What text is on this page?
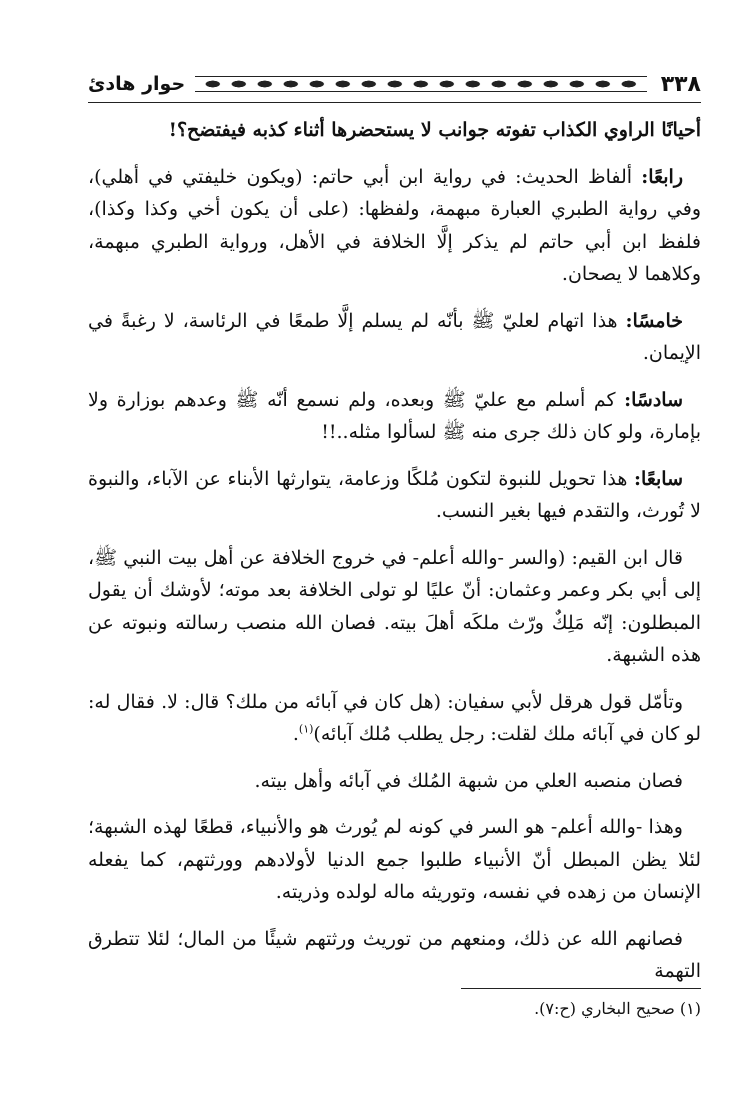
٣٣٨
حوار هادئ

أحيانًا الراوي الكذاب تفوته جوانب لا يستحضرها أثناء كذبه فيفتضح؟!

رابعًا: ألفاظ الحديث: في رواية ابن أبي حاتم: (ويكون خليفتي في أهلي)، وفي رواية الطبري العبارة مبهمة، ولفظها: (على أن يكون أخي وكذا وكذا)، فلفظ ابن أبي حاتم لم يذكر إلَّا الخلافة في الأهل، ورواية الطبري مبهمة، وكلاهما لا يصحان.

خامسًا: هذا اتهام لعليّ ﷺ بأنّه لم يسلم إلَّا طمعًا في الرئاسة، لا رغبةً في الإيمان.

سادسًا: كم أسلم مع عليّ ﷺ وبعده، ولم نسمع أنّه ﷺ وعدهم بوزارة ولا بإمارة، ولو كان ذلك جرى منه ﷺ لسألوا مثله..!!

سابعًا: هذا تحويل للنبوة لتكون مُلكًا وزعامة، يتوارثها الأبناء عن الآباء، والنبوة لا تُورث، والتقدم فيها بغير النسب.

قال ابن القيم: (والسر -والله أعلم- في خروج الخلافة عن أهل بيت النبي ﷺ، إلى أبي بكر وعمر وعثمان: أنّ عليًا لو تولى الخلافة بعد موته؛ لأوشك أن يقول المبطلون: إنّه مَلِكٌ ورّث ملكَه أهلَ بيته. فصان الله منصب رسالته ونبوته عن هذه الشبهة.

وتأمّل قول هرقل لأبي سفيان: (هل كان في آبائه من ملك؟ قال: لا. فقال له: لو كان في آبائه ملك لقلت: رجل يطلب مُلك آبائه)$^{(١)}$.

فصان منصبه العلي من شبهة المُلك في آبائه وأهل بيته.

وهذا -والله أعلم- هو السر في كونه لم يُورث هو والأنبياء، قطعًا لهذه الشبهة؛ لئلا يظن المبطل أنّ الأنبياء طلبوا جمع الدنيا لأولادهم وورثتهم، كما يفعله الإنسان من زهده في نفسه، وتوريثه ماله لولده وذريته.

فصانهم الله عن ذلك، ومنعهم من توريث ورثتهم شيئًا من المال؛ لئلا تتطرق التهمة

(١) صحيح البخاري (ح:٧).
